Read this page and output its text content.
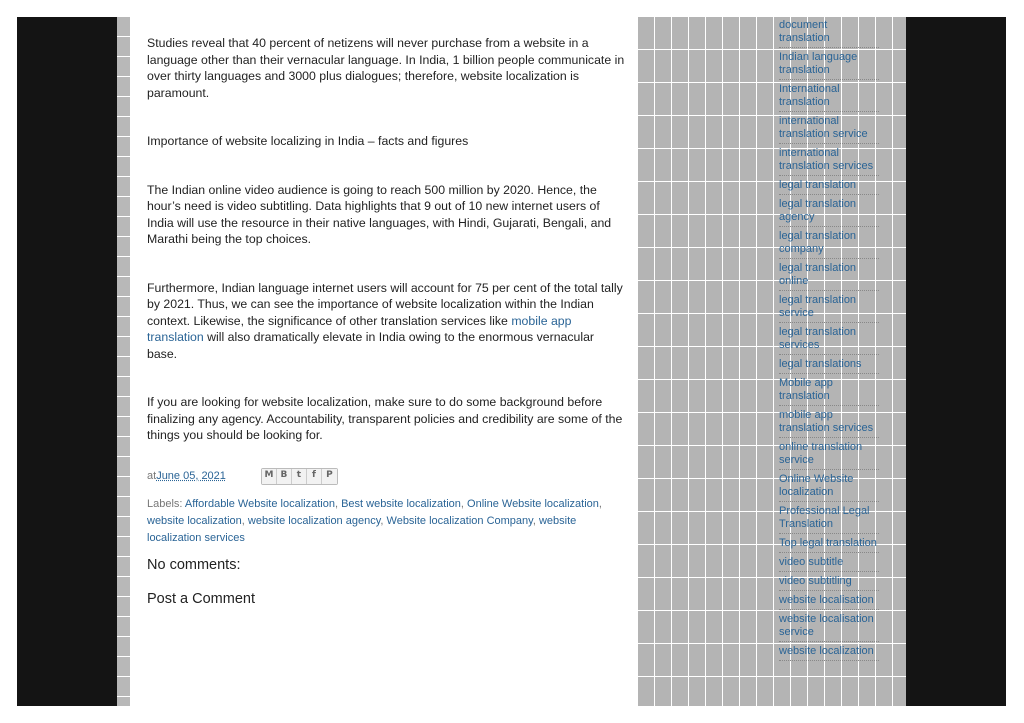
Studies reveal that 40 percent of netizens will never purchase from a website in a language other than their vernacular language. In India, 1 billion people communicate in over thirty languages and 3000 plus dialogues; therefore, website localization is paramount.

Importance of website localizing in India – facts and figures

The Indian online video audience is going to reach 500 million by 2020. Hence, the hour’s need is video subtitling. Data highlights that 9 out of 10 new internet users of India will use the resource in their native languages, with Hindi, Gujarati, Bengali, and Marathi being the top choices.

Furthermore, Indian language internet users will account for 75 per cent of the total tally by 2021. Thus, we can see the importance of website localization within the Indian context. Likewise, the significance of other translation services like mobile app translation will also dramatically elevate in India owing to the enormous vernacular base.

If you are looking for website localization, make sure to do some background before finalizing any agency. Accountability, transparent policies and credibility are some of the things you should be looking for.

at June 05, 2021	M B	t	f	P
Labels: Affordable Website localization, Best website localization, Online Website localization, website localization, website localization agency, Website localization Company, website localization services
No comments:
Post a Comment
document translation
Indian language translation
International translation
international translation service
international translation services
legal translation
legal translation agency
legal translation company
legal translation online
legal translation service
legal translation services
legal translations
Mobile app translation
mobile app translation services
online translation service
Online Website localization
Professional Legal Translation
Top legal translation
video subtitle
video subtitling
website localisation
website localisation service
website localization
